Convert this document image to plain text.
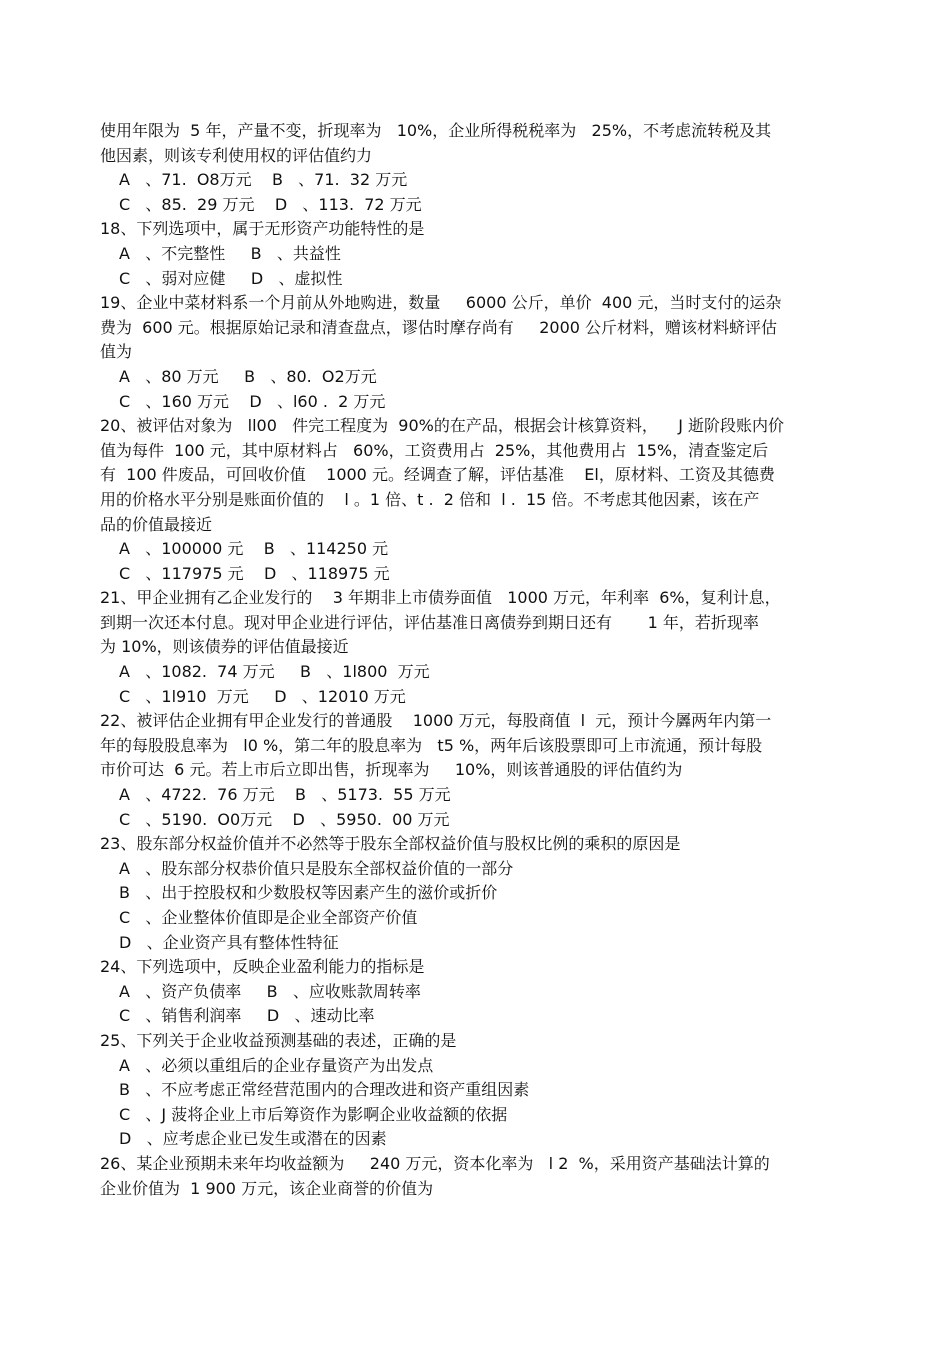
使用年限为  5 年，产量不变，折现率为   10%，企业所得税税率为   25%，不考虑流转税及其
他因素，则该专利使用权的评估值约力
A   、71.  O8万元    B   、71.  32 万元
C   、85.  29 万元    D   、113.  72 万元
18、下列选项中，属于无形资产功能特性的是
A   、不完整性     B   、共益性
C   、弱对应健     D   、虚拟性
19、企业中菜材料系一个月前从外地购进，数量     6000 公斤，单价  400 元，当时支付的运杂
费为  600 元。根据原始记录和清查盘点，谬估时摩存尚有     2000 公斤材料，赠该材料蛴评估
值为
A   、80 万元     B   、80.  O2万元
C   、160 万元    D   、l60 .  2 万元
20、被评估对象为   ll00   件完工程度为  90%的在产品，根据会计核算资料，    J 逝阶段账内价
值为每件  100 元，其中原材料占   60%，工资费用占  25%，其他费用占  15%，清查鉴定后
有  100 件废品，可回收价值    1000 元。经调查了解，评估基准    El，原材料、工资及其德费
用的价格水平分别是账面价值的    l 。1 倍、t .  2 倍和  l .  15 倍。不考虑其他因素，该在产
品的价值最接近
A   、100000 元    B   、114250 元
C   、117975 元    D   、118975 元
21、甲企业拥有乙企业发行的    3 年期非上市债券面值   1000 万元，年利率  6%，复利计息，
到期一次还本付息。现对甲企业进行评估，评估基准日离债券到期日还有       1 年，若折现率
为 10%，则该债券的评估值最接近
A   、1082.  74 万元     B   、1l800  万元
C   、1l910  万元     D   、12010 万元
22、被评估企业拥有甲企业发行的普通股    1000 万元，每股商值  l  元，预计今羼两年内第一
年的每股股息率为   l0 %，第二年的股息率为   t5 %，两年后该股票即可上市流通，预计每股
市价可达  6 元。若上市后立即出售，折现率为     10%，则该普通股的评估值约为
A   、4722.  76 万元    B   、5173.  55 万元
C   、5190.  O0万元    D   、5950.  00 万元
23、股东部分权益价值并不必然等于股东全部权益价值与股权比例的乘积的原因是
A   、股东部分权恭价值只是股东全部权益价值的一部分
B   、出于控股权和少数股权等因素产生的滋价或折价
C   、企业整体价值即是企业全部资产价值
D   、企业资产具有整体性特征
24、下列选项中，反映企业盈利能力的指标是
A   、资产负债率     B   、应收账款周转率
C   、销售利润率     D   、速动比率
25、下列关于企业收益预测基础的表述，正确的是
A   、必须以重组后的企业存量资产为出发点
B   、不应考虑正常经营范围内的合理改进和资产重组因素
C   、J 菠将企业上市后筹资作为影啊企业收益额的依据
D   、应考虑企业已发生或潜在的因素
26、某企业预期未来年均收益额为     240 万元，资本化率为   l 2  %，采用资产基础法计算的
企业价值为  1 900 万元，该企业商誉的价值为
